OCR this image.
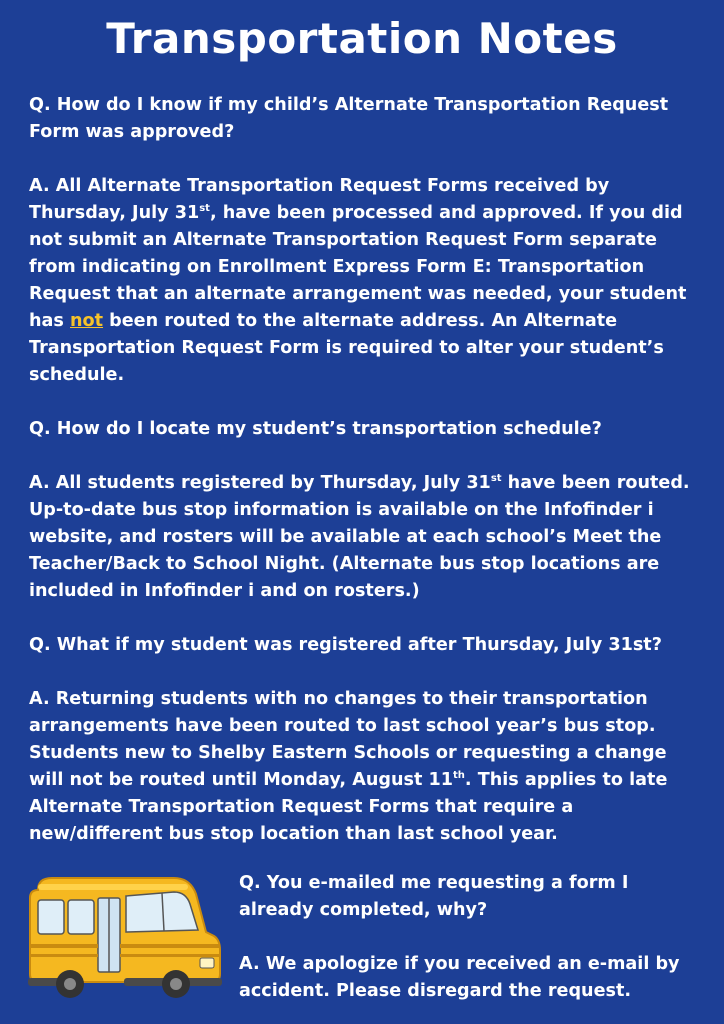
Transportation Notes

Q. How do I know if my child’s Alternate Transportation Request Form was approved?

A. All Alternate Transportation Request Forms received by Thursday, July 31st, have been processed and approved. If you did not submit an Alternate Transportation Request Form separate from indicating on Enrollment Express Form E: Transportation Request that an alternate arrangement was needed, your student has not been routed to the alternate address. An Alternate Transportation Request Form is required to alter your student’s schedule.

Q. How do I locate my student’s transportation schedule?

A. All students registered by Thursday, July 31st have been routed. Up-to-date bus stop information is available on the Infofinder i website, and rosters will be available at each school’s Meet the Teacher/Back to School Night. (Alternate bus stop locations are included in Infofinder i and on rosters.)

Q. What if my student was registered after Thursday, July 31st?

A. Returning students with no changes to their transportation arrangements have been routed to last school year’s bus stop. Students new to Shelby Eastern Schools or requesting a change will not be routed until Monday, August 11th. This applies to late Alternate Transportation Request Forms that require a new/different bus stop location than last school year.

Q. You e-mailed me requesting a form I already completed, why?

A. We apologize if you received an e-mail by accident. Please disregard the request.
